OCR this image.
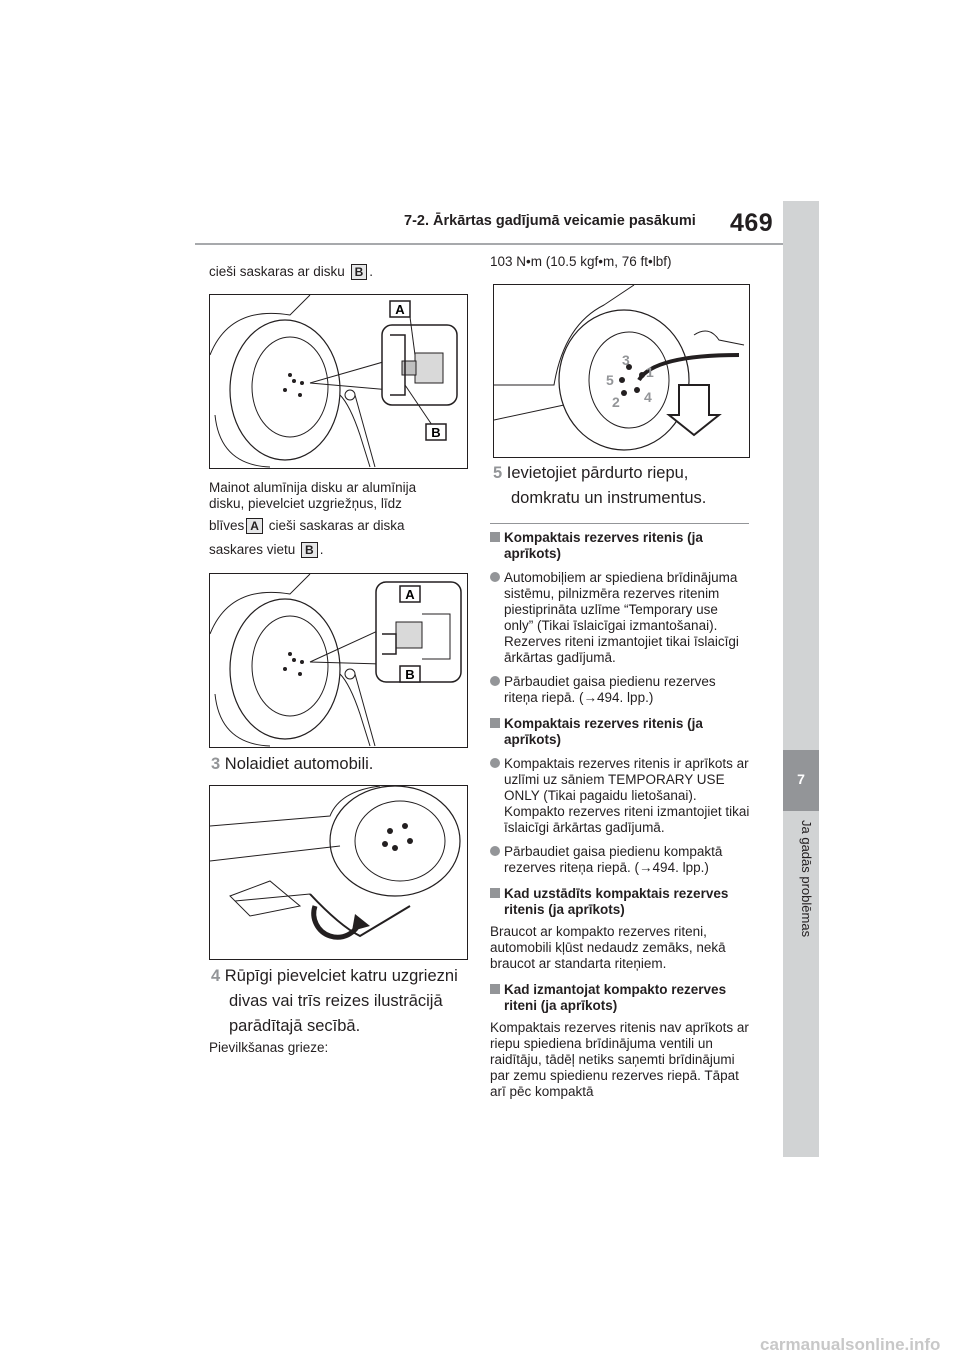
7-2. Ārkārtas gadījumā veicamie pasākumi 469
7
Ja gadās problēmas
cieši saskaras ar disku B .
A
B
Mainot alumīnija disku ar alumīnija
disku, pievelciet uzgriežņus, līdz
blīves A cieši saskaras ar diska
saskares vietu B .
A
B
3 Nolaidiet automobili.
4 Rūpīgi pievelciet katru uzgriezni
divas vai trīs reizes ilustrācijā
parādītajā secībā.
Pievilkšanas grieze:
103 N•m (10.5 kgf•m, 76 ft•lbf)
1
2
3
4
5
5 Ievietojiet pārdurto riepu,
domkratu un instrumentus.
Kompaktais rezerves ritenis (ja aprīkots)
Automobiļiem ar spiediena brīdinājuma sistēmu, pilnizmēra rezerves ritenim piestiprināta uzlīme “Temporary use only” (Tikai īslaicīgai izmantošanai). Rezerves riteni izmantojiet tikai īslaicīgi ārkārtas gadījumā.
Pārbaudiet gaisa piedienu rezerves riteņa riepā. (→494. lpp.)
Kompaktais rezerves ritenis (ja aprīkots)
Kompaktais rezerves ritenis ir aprīkots ar uzlīmi uz sāniem TEMPORARY USE ONLY (Tikai pagaidu lietošanai). Kompakto rezerves riteni izmantojiet tikai īslaicīgi ārkārtas gadījumā.
Pārbaudiet gaisa piedienu kompaktā rezerves riteņa riepā. (→494. lpp.)
Kad uzstādīts kompaktais rezerves ritenis (ja aprīkots)
Braucot ar kompakto rezerves riteni, automobili kļūst nedaudz zemāks, nekā braucot ar standarta riteņiem.
Kad izmantojat kompakto rezerves riteni (ja aprīkots)
Kompaktais rezerves ritenis nav aprīkots ar riepu spiediena brīdinājuma ventili un raidītāju, tādēļ netiks saņemti brīdinājumi par zemu spiedienu rezerves riepā. Tāpat arī pēc kompaktā
carmanualsonline.info
